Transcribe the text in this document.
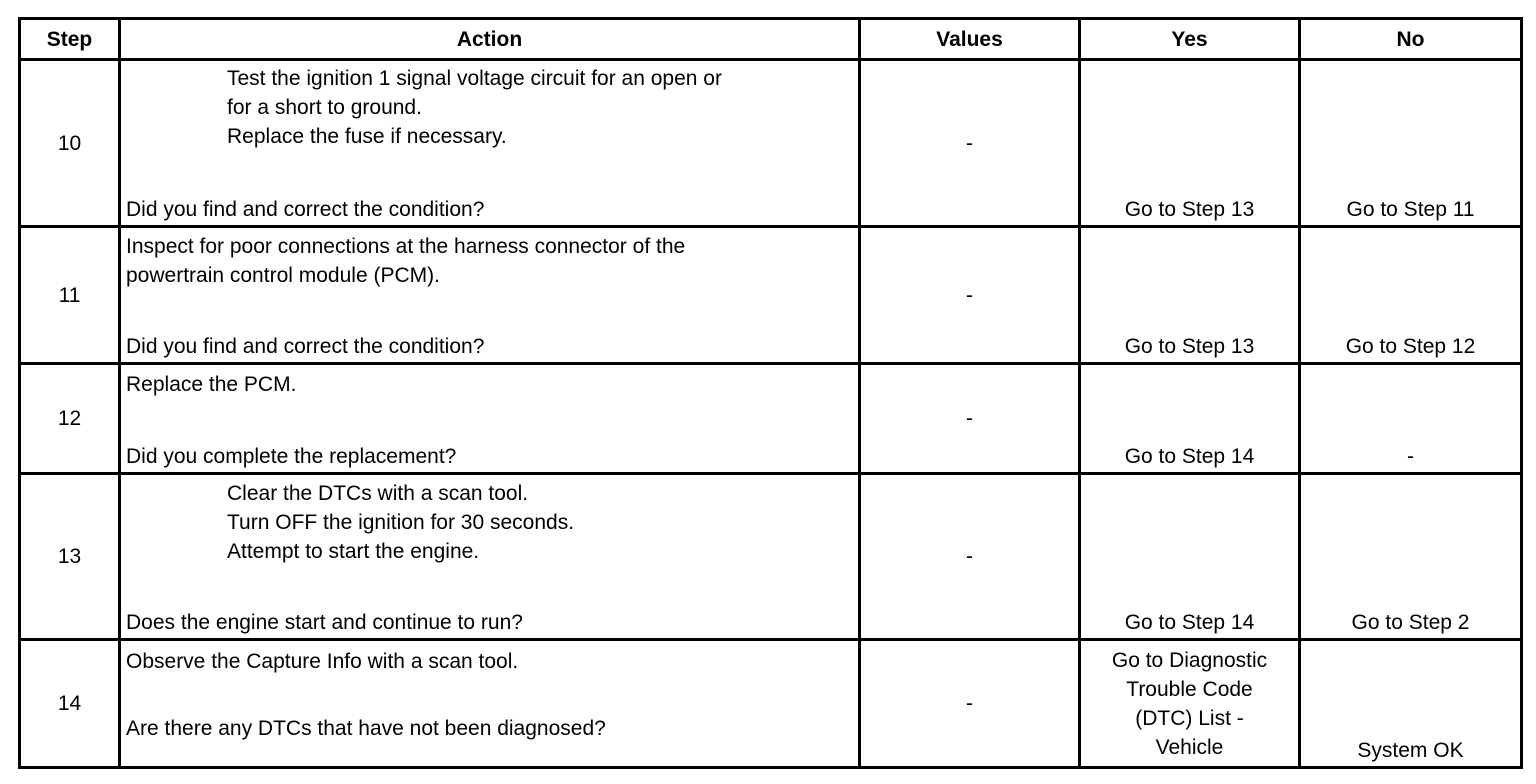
Step	Action	Values	Yes	No
10	Test the ignition 1 signal voltage circuit for an open or
for a short to ground.
Replace the fuse if necessary.
Did you find and correct the condition?	-	Go to Step 13	Go to Step 11
11	Inspect for poor connections at the harness connector of the
powertrain control module (PCM).
Did you find and correct the condition?	-	Go to Step 13	Go to Step 12
12	Replace the PCM.
Did you complete the replacement?	-	Go to Step 14	-
13	Clear the DTCs with a scan tool.
Turn OFF the ignition for 30 seconds.
Attempt to start the engine.
Does the engine start and continue to run?	-	Go to Step 14	Go to Step 2
14	Observe the Capture Info with a scan tool.
Are there any DTCs that have not been diagnosed?	-	Go to Diagnostic
Trouble Code
(DTC) List -
Vehicle	System OK
